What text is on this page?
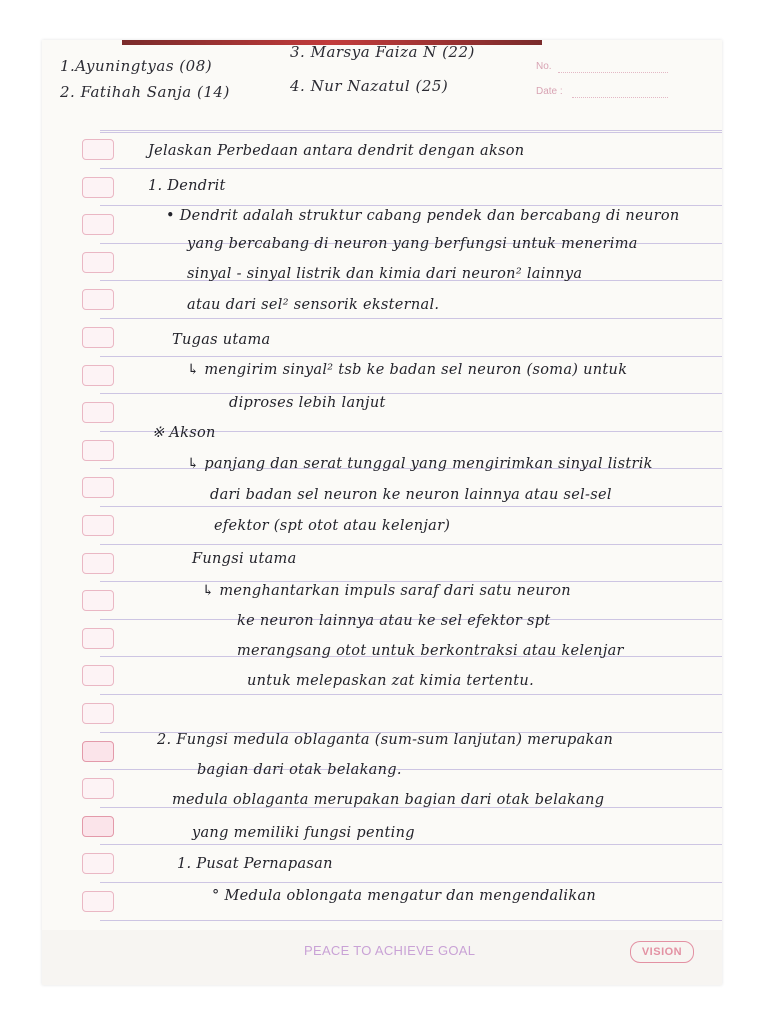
1.Ayuningtyas (08)
2. Fatihah Sanja (14)
3. Marsya Faiza N (22)
4. Nur Nazatul (25)
No.
Date :
Jelaskan Perbedaan antara dendrit dengan akson
1. Dendrit
• Dendrit adalah struktur cabang pendek dan bercabang di neuron
yang bercabang di neuron yang berfungsi untuk menerima
sinyal - sinyal listrik dan kimia dari neuron² lainnya
atau dari sel² sensorik eksternal.
Tugas utama
↳ mengirim sinyal² tsb ke badan sel neuron (soma) untuk
diproses lebih lanjut
※ Akson
↳ panjang dan serat tunggal yang mengirimkan sinyal listrik
dari badan sel neuron ke neuron lainnya atau sel-sel
efektor (spt otot atau kelenjar)
Fungsi utama
↳ menghantarkan impuls saraf dari satu neuron
ke neuron lainnya atau ke sel efektor spt
merangsang otot untuk berkontraksi atau kelenjar
untuk melepaskan zat kimia tertentu.
2. Fungsi medula oblaganta (sum-sum lanjutan) merupakan
bagian dari otak belakang.
medula oblaganta merupakan bagian dari otak belakang
yang memiliki fungsi penting
1. Pusat Pernapasan
° Medula oblongata mengatur dan mengendalikan
PEACE TO ACHIEVE GOAL	VISION
